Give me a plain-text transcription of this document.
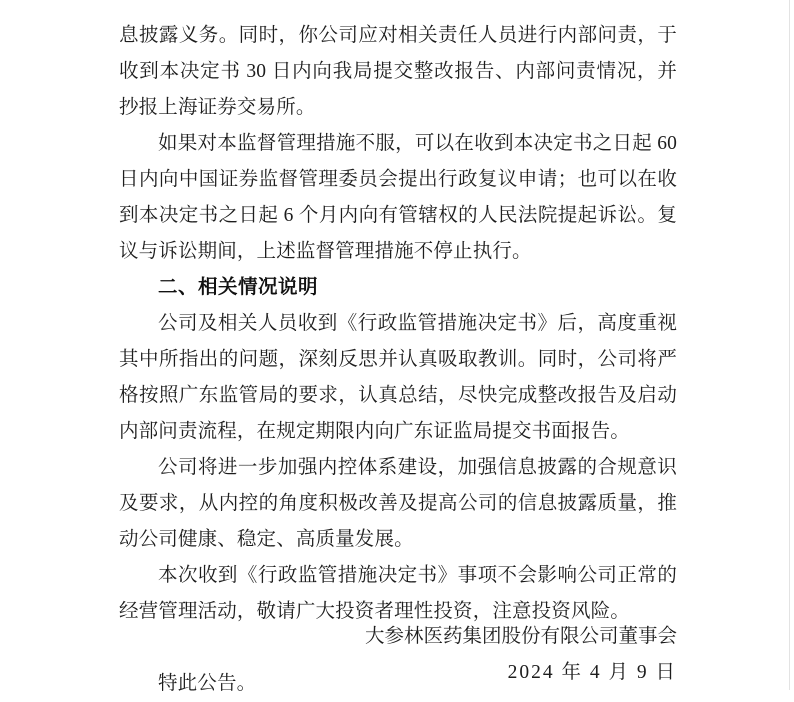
息披露义务。同时，你公司应对相关责任人员进行内部问责，于收到本决定书 30 日内向我局提交整改报告、内部问责情况，并抄报上海证券交易所。

如果对本监督管理措施不服，可以在收到本决定书之日起 60 日内向中国证券监督管理委员会提出行政复议申请；也可以在收到本决定书之日起 6 个月内向有管辖权的人民法院提起诉讼。复议与诉讼期间，上述监督管理措施不停止执行。

二、相关情况说明

公司及相关人员收到《行政监管措施决定书》后，高度重视其中所指出的问题，深刻反思并认真吸取教训。同时，公司将严格按照广东监管局的要求，认真总结，尽快完成整改报告及启动内部问责流程，在规定期限内向广东证监局提交书面报告。

公司将进一步加强内控体系建设，加强信息披露的合规意识及要求，从内控的角度积极改善及提高公司的信息披露质量，推动公司健康、稳定、高质量发展。

本次收到《行政监管措施决定书》事项不会影响公司正常的经营管理活动，敬请广大投资者理性投资，注意投资风险。

特此公告。

大参林医药集团股份有限公司董事会
2024 年 4 月 9 日
